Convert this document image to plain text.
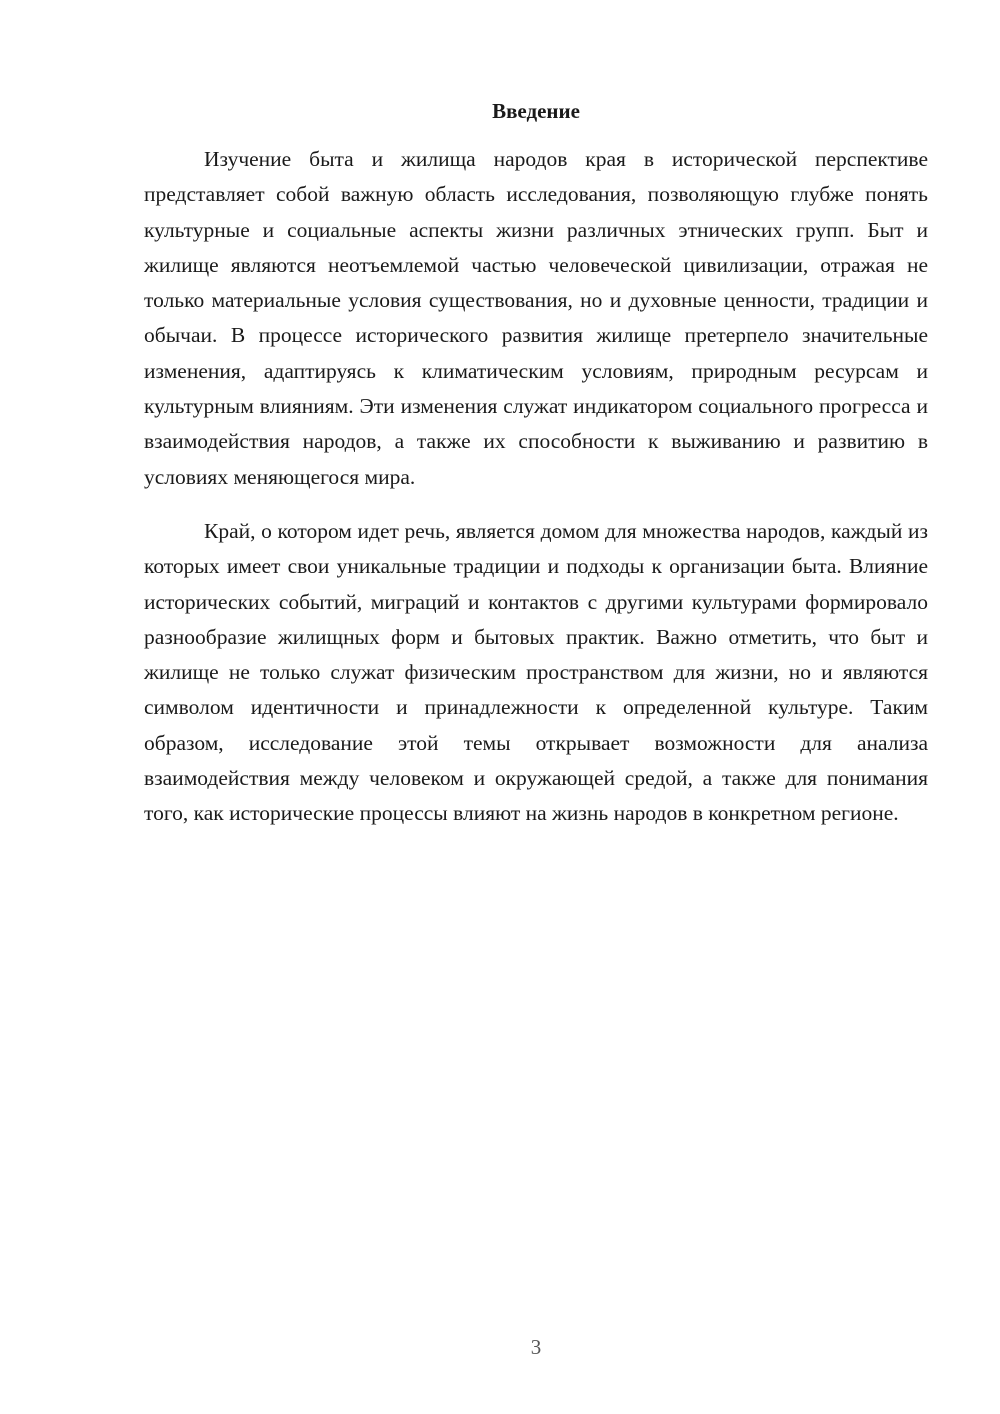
Введение

Изучение быта и жилища народов края в исторической перспективе представляет собой важную область исследования, позволяющую глубже понять культурные и социальные аспекты жизни различных этнических групп. Быт и жилище являются неотъемлемой частью человеческой цивилизации, отражая не только материальные условия существования, но и духовные ценности, традиции и обычаи. В процессе исторического развития жилище претерпело значительные изменения, адаптируясь к климатическим условиям, природным ресурсам и культурным влияниям. Эти изменения служат индикатором социального прогресса и взаимодействия народов, а также их способности к выживанию и развитию в условиях меняющегося мира.

Край, о котором идет речь, является домом для множества народов, каждый из которых имеет свои уникальные традиции и подходы к организации быта. Влияние исторических событий, миграций и контактов с другими культурами формировало разнообразие жилищных форм и бытовых практик. Важно отметить, что быт и жилище не только служат физическим пространством для жизни, но и являются символом идентичности и принадлежности к определенной культуре. Таким образом, исследование этой темы открывает возможности для анализа взаимодействия между человеком и окружающей средой, а также для понимания того, как исторические процессы влияют на жизнь народов в конкретном регионе.

3
